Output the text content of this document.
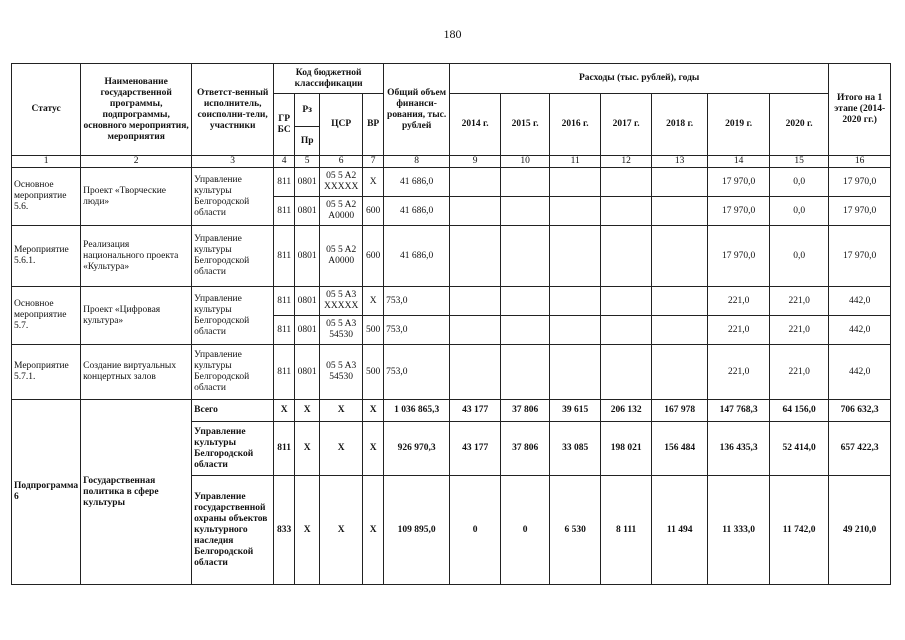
180
Статус	Наименование государственной программы, подпрограммы, основного мероприятия, мероприятия	Ответст-венный исполнитель, соисполни-тели, участники	Код бюджетной классификации				Общий объем финанси-рования, тыс. рублей	Расходы (тыс. рублей), годы							Итого на 1 этапе (2014-2020 гг.)
			ГР БС	Рз	ЦСР	ВР		2014 г.	2015 г.	2016 г.	2017 г.	2018 г.	2019 г.	2020 г.	
				Пр											
1	2	3	4	5	6	7	8	9	10	11	12	13	14	15	16
Основное мероприятие 5.6.	Проект «Творческие люди»	Управление культуры Белгородской области	811	0801	05 5 A2 XXXXX	X	41 686,0						17 970,0	0,0	17 970,0
			811	0801	05 5 A2 A0000	600	41 686,0						17 970,0	0,0	17 970,0
Мероприятие 5.6.1.	Реализация национального проекта «Культура»	Управление культуры Белгородской области	811	0801	05 5 A2 A0000	600	41 686,0						17 970,0	0,0	17 970,0
Основное мероприятие 5.7.	Проект «Цифровая культура»	Управление культуры Белгородской области	811	0801	05 5 A3 XXXXX	X	753,0						221,0	221,0	442,0
			811	0801	05 5 A3 54530	500	753,0						221,0	221,0	442,0
Мероприятие 5.7.1.	Создание виртуальных концертных залов	Управление культуры Белгородской области	811	0801	05 5 A3 54530	500	753,0						221,0	221,0	442,0
Подпрограмма 6	Государственная политика в сфере культуры	Всего	X	X	X	X	1 036 865,3	43 177	37 806	39 615	206 132	167 978	147 768,3	64 156,0	706 632,3
		Управление культуры Белгородской области	811	X	X	X	926 970,3	43 177	37 806	33 085	198 021	156 484	136 435,3	52 414,0	657 422,3
		Управление государственной охраны объектов культурного наследия Белгородской области	833	X	X	X	109 895,0	0	0	6 530	8 111	11 494	11 333,0	11 742,0	49 210,0
